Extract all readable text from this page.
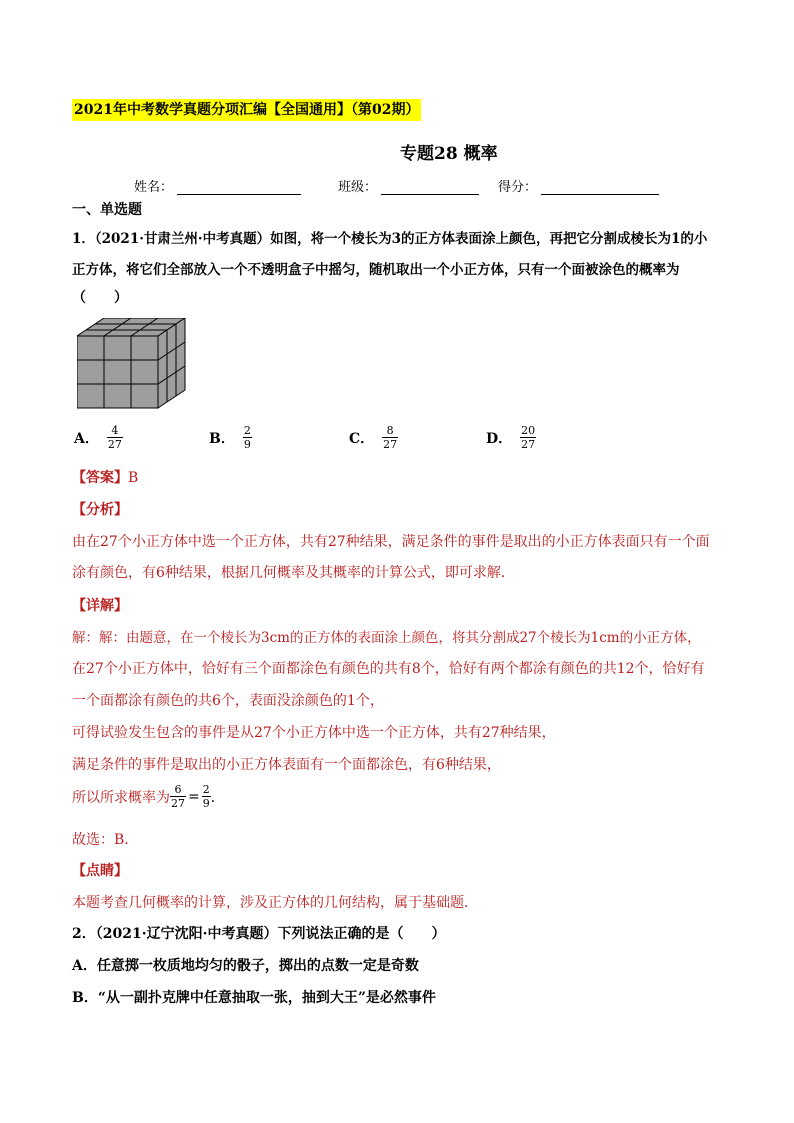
2021年中考数学真题分项汇编【全国通用】（第02期）
专题28 概率
姓名：	班级：	得分：
一、单选题
1．（2021·甘肃兰州·中考真题）如图，将一个棱长为3的正方体表面涂上颜色，再把它分割成棱长为1的小
正方体，将它们全部放入一个不透明盒子中摇匀，随机取出一个小正方体，只有一个面被涂色的概率为
（　　）
A． $\frac{4}{27}$	B． $\frac{2}{9}$	C． $\frac{8}{27}$	D． $\frac{20}{27}$
【答案】B
【分析】
由在27个小正方体中选一个正方体，共有27种结果，满足条件的事件是取出的小正方体表面只有一个面
涂有颜色，有6种结果，根据几何概率及其概率的计算公式，即可求解．
【详解】
解：解：由题意，在一个棱长为3cm的正方体的表面涂上颜色，将其分割成27个棱长为1cm的小正方体，
在27个小正方体中，恰好有三个面都涂色有颜色的共有8个，恰好有两个都涂有颜色的共12个，恰好有
一个面都涂有颜色的共6个，表面没涂颜色的1个，
可得试验发生包含的事件是从27个小正方体中选一个正方体，共有27种结果，
满足条件的事件是取出的小正方体表面有一个面都涂色，有6种结果，
所以所求概率为 $\frac{6}{27} = \frac{2}{9}$ ．
故选：B．
【点睛】
本题考查几何概率的计算，涉及正方体的几何结构，属于基础题．
2．（2021·辽宁沈阳·中考真题）下列说法正确的是（　　）
A．任意掷一枚质地均匀的骰子，掷出的点数一定是奇数
B．“从一副扑克牌中任意抽取一张，抽到大王”是必然事件
